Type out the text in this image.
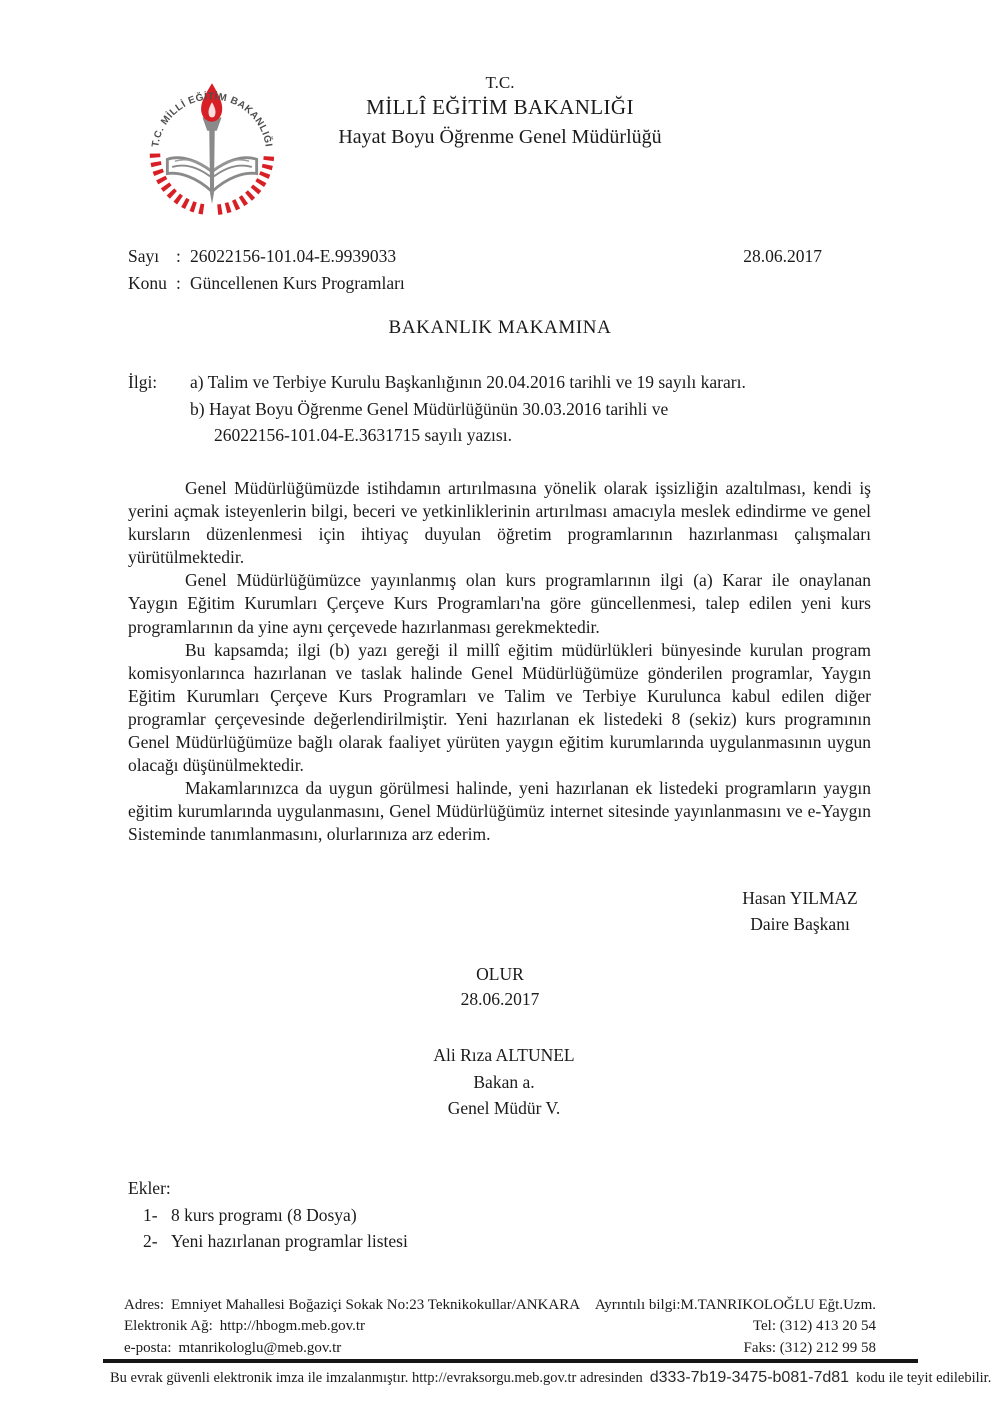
T.C. MİLLİ EĞİTİM BAKANLIĞI
T.C.
MİLLÎ EĞİTİM BAKANLIĞI
Hayat Boyu Öğrenme Genel Müdürlüğü
Sayı : 26022156-101.04-E.9939033	28.06.2017
Konu : Güncellenen Kurs Programları
BAKANLIK MAKAMINA
İlgi:	a) Talim ve Terbiye Kurulu Başkanlığının 20.04.2016 tarihli ve 19 sayılı kararı.
b) Hayat Boyu Öğrenme Genel Müdürlüğünün 30.03.2016 tarihli ve
26022156-101.04-E.3631715 sayılı yazısı.

Genel Müdürlüğümüzde istihdamın artırılmasına yönelik olarak işsizliğin azaltılması, kendi iş yerini açmak isteyenlerin bilgi, beceri ve yetkinliklerinin artırılması amacıyla meslek edindirme ve genel kursların düzenlenmesi için ihtiyaç duyulan öğretim programlarının hazırlanması çalışmaları yürütülmektedir.

Genel Müdürlüğümüzce yayınlanmış olan kurs programlarının ilgi (a) Karar ile onaylanan Yaygın Eğitim Kurumları Çerçeve Kurs Programları'na göre güncellenmesi, talep edilen yeni kurs programlarının da yine aynı çerçevede hazırlanması gerekmektedir.

Bu kapsamda; ilgi (b) yazı gereği il millî eğitim müdürlükleri bünyesinde kurulan program komisyonlarınca hazırlanan ve taslak halinde Genel Müdürlüğümüze gönderilen programlar, Yaygın Eğitim Kurumları Çerçeve Kurs Programları ve Talim ve Terbiye Kurulunca kabul edilen diğer programlar çerçevesinde değerlendirilmiştir. Yeni hazırlanan ek listedeki 8 (sekiz) kurs programının Genel Müdürlüğümüze bağlı olarak faaliyet yürüten yaygın eğitim kurumlarında uygulanmasının uygun olacağı düşünülmektedir.

Makamlarınızca da uygun görülmesi halinde, yeni hazırlanan ek listedeki programların yaygın eğitim kurumlarında uygulanmasını, Genel Müdürlüğümüz internet sitesinde yayınlanmasını ve e-Yaygın Sisteminde tanımlanmasını, olurlarınıza arz ederim.

Hasan YILMAZ
Daire Başkanı
OLUR
28.06.2017
Ali Rıza ALTUNEL
Bakan a.
Genel Müdür V.
Ekler:
1- 8 kurs programı (8 Dosya)
2- Yeni hazırlanan programlar listesi
Adres: Emniyet Mahallesi Boğaziçi Sokak No:23 Teknikokullar/ANKARA Ayrıntılı bilgi:M.TANRIKOLOĞLU Eğt.Uzm.
Elektronik Ağ: http://hbogm.meb.gov.tr	Tel: (312) 413 20 54
e-posta: mtanrikologlu@meb.gov.tr	Faks: (312) 212 99 58
Bu evrak güvenli elektronik imza ile imzalanmıştır. http://evraksorgu.meb.gov.tr adresinden d333-7b19-3475-b081-7d81 kodu ile teyit edilebilir.
